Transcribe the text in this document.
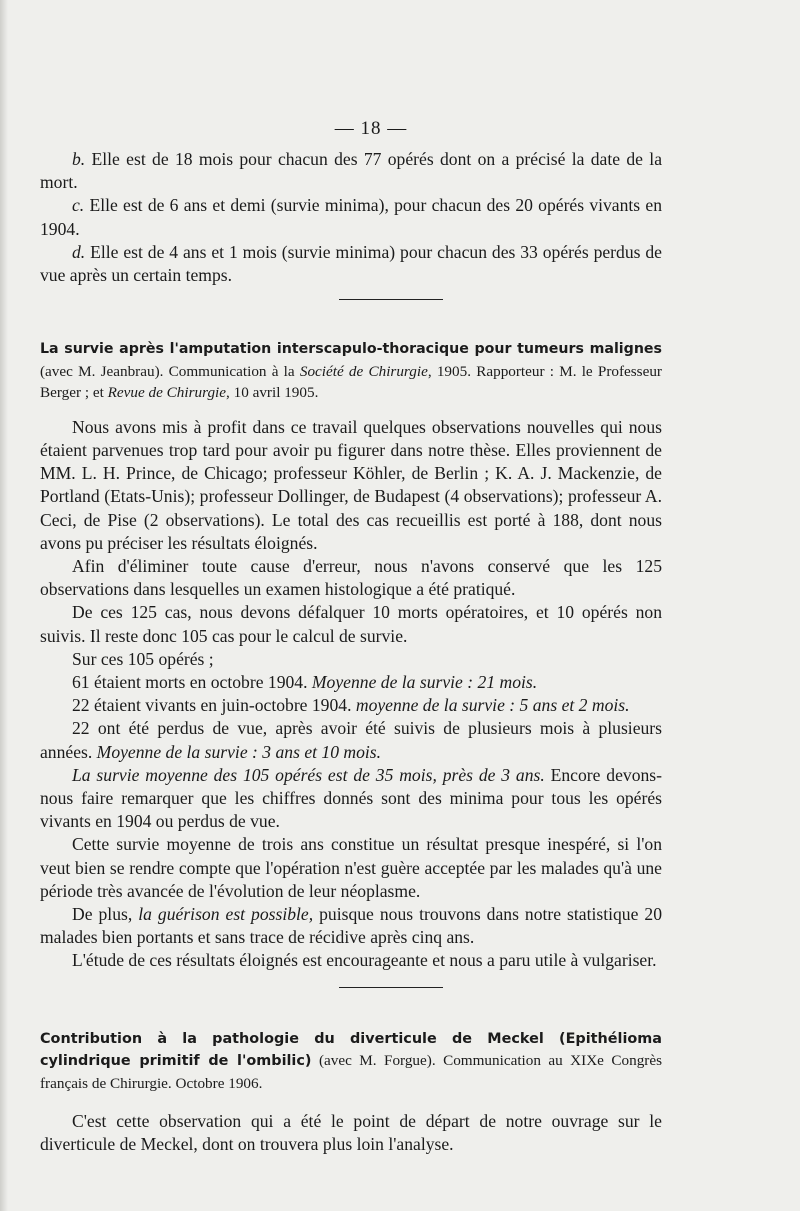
— 18 —

b. Elle est de 18 mois pour chacun des 77 opérés dont on a précisé la date de la mort.

c. Elle est de 6 ans et demi (survie minima), pour chacun des 20 opérés vivants en 1904.

d. Elle est de 4 ans et 1 mois (survie minima) pour chacun des 33 opérés perdus de vue après un certain temps.

La survie après l'amputation interscapulo-thoracique pour tumeurs malignes (avec M. Jeanbrau). Communication à la Société de Chirurgie, 1905. Rapporteur : M. le Professeur Berger ; et Revue de Chirurgie, 10 avril 1905.

Nous avons mis à profit dans ce travail quelques observations nouvelles qui nous étaient parvenues trop tard pour avoir pu figurer dans notre thèse. Elles proviennent de MM. L. H. Prince, de Chicago; professeur Köhler, de Berlin ; K. A. J. Mackenzie, de Portland (Etats-Unis); professeur Dollinger, de Budapest (4 observations); professeur A. Ceci, de Pise (2 observations). Le total des cas recueillis est porté à 188, dont nous avons pu préciser les résultats éloignés.

Afin d'éliminer toute cause d'erreur, nous n'avons conservé que les 125 observations dans lesquelles un examen histologique a été pratiqué.

De ces 125 cas, nous devons défalquer 10 morts opératoires, et 10 opérés non suivis. Il reste donc 105 cas pour le calcul de survie.

Sur ces 105 opérés ;

61 étaient morts en octobre 1904. Moyenne de la survie : 21 mois.

22 étaient vivants en juin-octobre 1904. moyenne de la survie : 5 ans et 2 mois.

22 ont été perdus de vue, après avoir été suivis de plusieurs mois à plusieurs années. Moyenne de la survie : 3 ans et 10 mois.

La survie moyenne des 105 opérés est de 35 mois, près de 3 ans. Encore devons-nous faire remarquer que les chiffres donnés sont des minima pour tous les opérés vivants en 1904 ou perdus de vue.

Cette survie moyenne de trois ans constitue un résultat presque inespéré, si l'on veut bien se rendre compte que l'opération n'est guère acceptée par les malades qu'à une période très avancée de l'évolution de leur néoplasme.

De plus, la guérison est possible, puisque nous trouvons dans notre statistique 20 malades bien portants et sans trace de récidive après cinq ans.

L'étude de ces résultats éloignés est encourageante et nous a paru utile à vulgariser.

Contribution à la pathologie du diverticule de Meckel (Epithélioma cylindrique primitif de l'ombilic) (avec M. Forgue). Communication au XIXe Congrès français de Chirurgie. Octobre 1906.

C'est cette observation qui a été le point de départ de notre ouvrage sur le diverticule de Meckel, dont on trouvera plus loin l'analyse.
